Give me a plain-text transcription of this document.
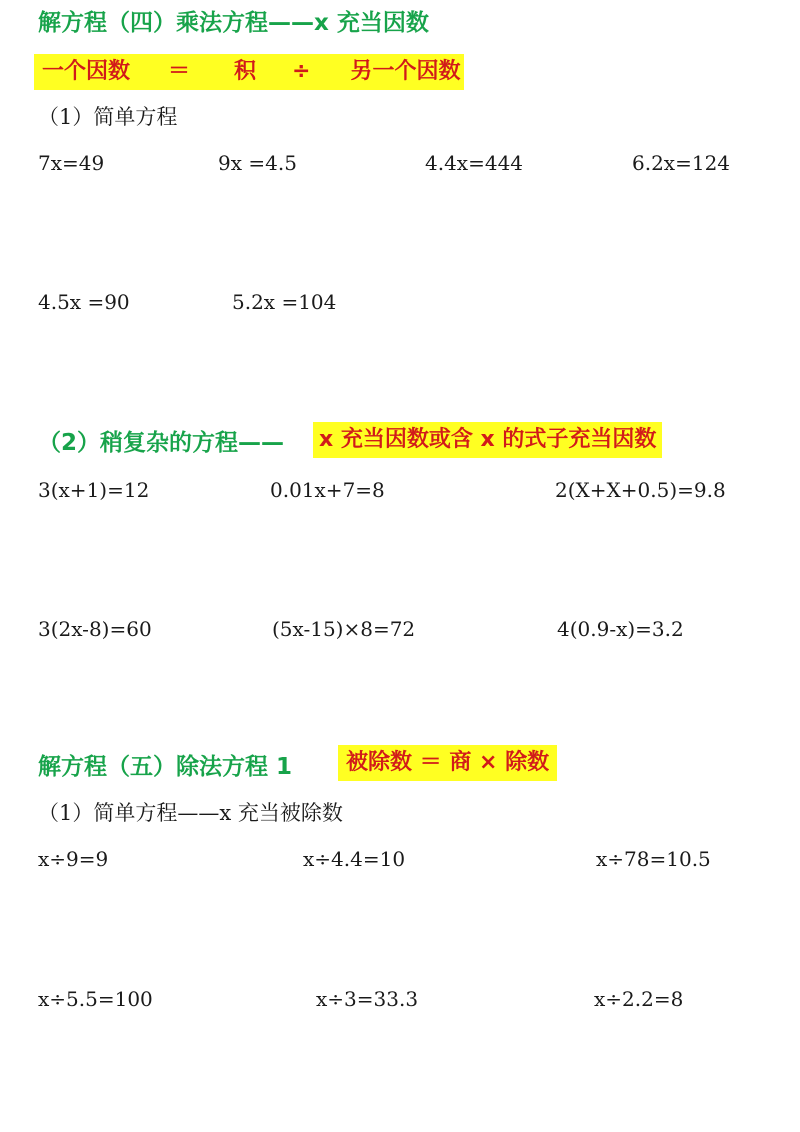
解方程（四）乘法方程——x 充当因数
一个因数 ＝ 积 ÷ 另一个因数
（1）简单方程
7x=49	9x =4.5	4.4x=444	6.2x=124
4.5x =90	5.2x =104
（2）稍复杂的方程—— x 充当因数或含 x 的式子充当因数
3(x+1)=12	0.01x+7=8	2(X+X+0.5)=9.8
3(2x-8)=60	(5x-15)×8=72	4(0.9-x)=3.2
解方程（五）除法方程 1	被除数 ＝ 商 × 除数
（1）简单方程——x 充当被除数
x÷9=9	x÷4.4=10	x÷78=10.5
x÷5.5=100	x÷3=33.3	x÷2.2=8
